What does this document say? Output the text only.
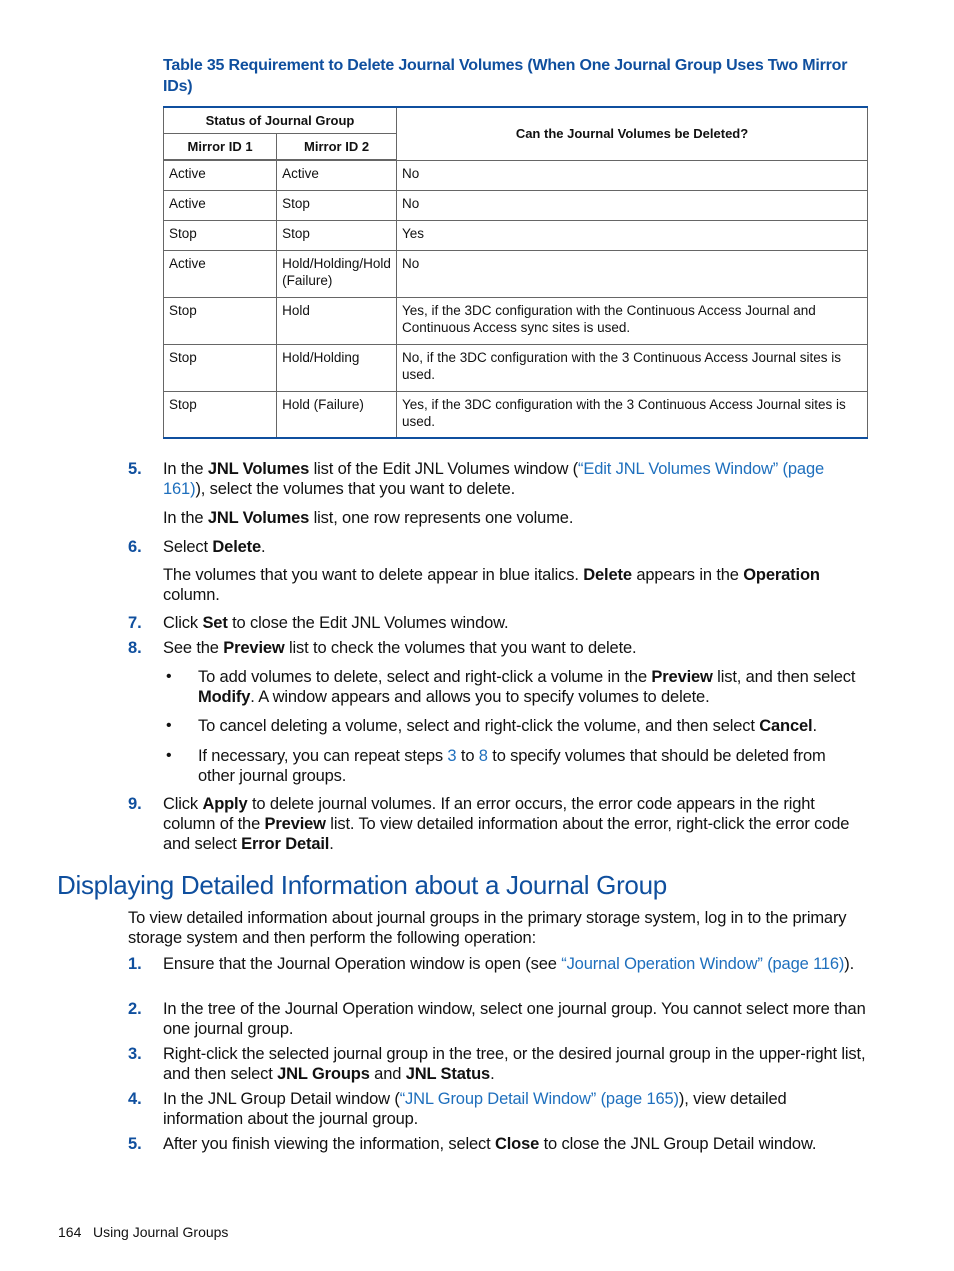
Table 35 Requirement to Delete Journal Volumes (When One Journal Group Uses Two Mirror IDs)
Status of Journal Group		Can the Journal Volumes be Deleted?
Mirror ID 1	Mirror ID 2	
Active	Active	No
Active	Stop	No
Stop	Stop	Yes
Active	Hold/Holding/Hold (Failure)	No
Stop	Hold	Yes, if the 3DC configuration with the Continuous Access Journal and Continuous Access sync sites is used.
Stop	Hold/Holding	No, if the 3DC configuration with the 3 Continuous Access Journal sites is used.
Stop	Hold (Failure)	Yes, if the 3DC configuration with the 3 Continuous Access Journal sites is used.
5. In the JNL Volumes list of the Edit JNL Volumes window (“Edit JNL Volumes Window” (page 161)), select the volumes that you want to delete.
In the JNL Volumes list, one row represents one volume.
6. Select Delete.
The volumes that you want to delete appear in blue italics. Delete appears in the Operation column.
7. Click Set to close the Edit JNL Volumes window.
8. See the Preview list to check the volumes that you want to delete.
• To add volumes to delete, select and right-click a volume in the Preview list, and then select Modify. A window appears and allows you to specify volumes to delete.
• To cancel deleting a volume, select and right-click the volume, and then select Cancel.
• If necessary, you can repeat steps 3 to 8 to specify volumes that should be deleted from other journal groups.
9. Click Apply to delete journal volumes. If an error occurs, the error code appears in the right column of the Preview list. To view detailed information about the error, right-click the error code and select Error Detail.
Displaying Detailed Information about a Journal Group
To view detailed information about journal groups in the primary storage system, log in to the primary storage system and then perform the following operation:
1. Ensure that the Journal Operation window is open (see “Journal Operation Window” (page 116)).
2. In the tree of the Journal Operation window, select one journal group. You cannot select more than one journal group.
3. Right-click the selected journal group in the tree, or the desired journal group in the upper-right list, and then select JNL Groups and JNL Status.
4. In the JNL Group Detail window (“JNL Group Detail Window” (page 165)), view detailed information about the journal group.
5. After you finish viewing the information, select Close to close the JNL Group Detail window.
164 Using Journal Groups
